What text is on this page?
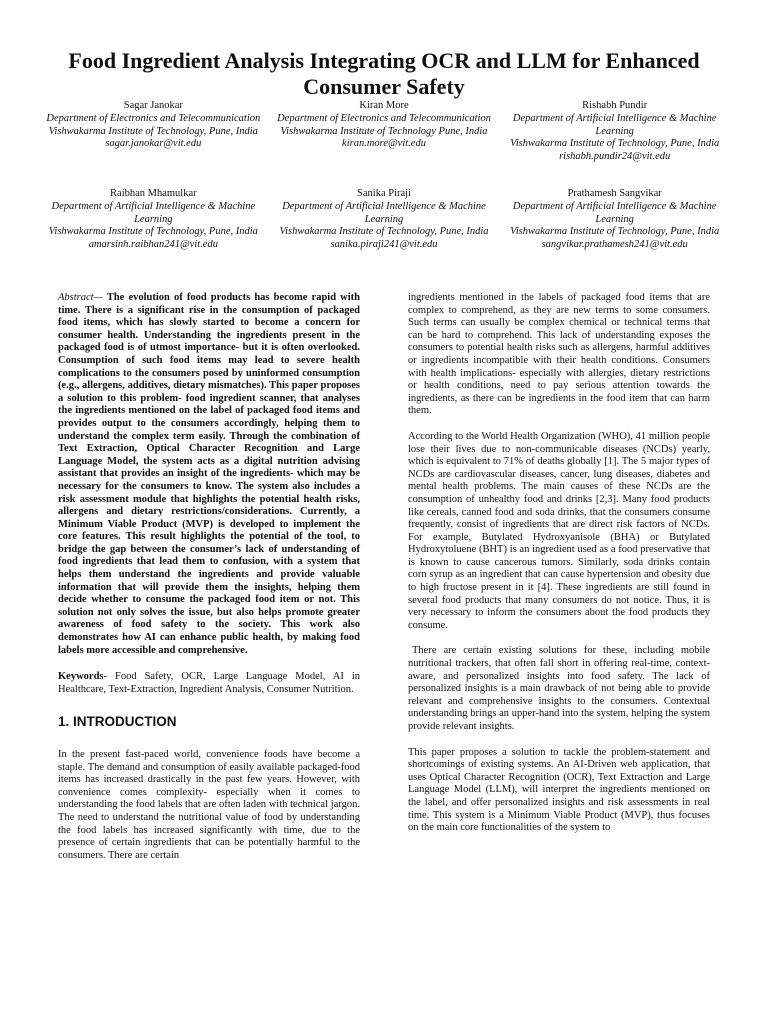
Food Ingredient Analysis Integrating OCR and LLM for Enhanced Consumer Safety
Sagar Janokar
Department of Electronics and Telecommunication
Vishwakarma Institute of Technology, Pune, India
sagar.janokar@vit.edu
Kiran More
Department of Electronics and Telecommunication
Vishwakarma Institute of Technology Pune, India
kiran.more@vit.edu
Rishabh Pundir
Department of Artificial Intelligence & Machine Learning
Vishwakarma Institute of Technology, Pune, India
rishabh.pundir24@vit.edu
Raibhan Mhamulkar
Department of Artificial Intelligence & Machine Learning
Vishwakarma Institute of Technology, Pune, India
amarsinh.raibhan241@vit.edu
Sanika Piraji
Department of Artificial Intelligence & Machine Learning
Vishwakarma Institute of Technology, Pune, India
sanika.piraji241@vit.edu
Prathamesh Sangvikar
Department of Artificial Intelligence & Machine Learning
Vishwakarma Institute of Technology, Pune, India
sangvikar.prathamesh241@vit.edu

Abstract— The evolution of food products has become rapid with time. There is a significant rise in the consumption of packaged food items, which has slowly started to become a concern for consumer health. Understanding the ingredients present in the packaged food is of utmost importance- but it is often overlooked. Consumption of such food items may lead to severe health complications to the consumers posed by uninformed consumption (e.g., allergens, additives, dietary mismatches). This paper proposes a solution to this problem- food ingredient scanner, that analyses the ingredients mentioned on the label of packaged food items and provides output to the consumers accordingly, helping them to understand the complex term easily. Through the combination of Text Extraction, Optical Character Recognition and Large Language Model, the system acts as a digital nutrition advising assistant that provides an insight of the ingredients- which may be necessary for the consumers to know. The system also includes a risk assessment module that highlights the potential health risks, allergens and dietary restrictions/considerations. Currently, a Minimum Viable Product (MVP) is developed to implement the core features. This result highlights the potential of the tool, to bridge the gap between the consumer’s lack of understanding of food ingredients that lead them to confusion, with a system that helps them understand the ingredients and provide valuable information that will provide them the insights, helping them decide whether to consume the packaged food item or not. This solution not only solves the issue, but also helps promote greater awareness of food safety to the society. This work also demonstrates how AI can enhance public health, by making food labels more accessible and comprehensive.

Keywords- Food Safety, OCR, Large Language Model, AI in Healthcare, Text-Extraction, Ingredient Analysis, Consumer Nutrition.

1. INTRODUCTION

In the present fast-paced world, convenience foods have become a staple. The demand and consumption of easily available packaged-food items has increased drastically in the past few years. However, with convenience comes complexity- especially when it comes to understanding the food labels that are often laden with technical jargon. The need to understand the nutritional value of food by understanding the food labels has increased significantly with time, due to the presence of certain ingredients that can be potentially harmful to the consumers. There are certain

ingredients mentioned in the labels of packaged food items that are complex to comprehend, as they are new terms to some consumers. Such terms can usually be complex chemical or technical terms that can be hard to comprehend. This lack of understanding exposes the consumers to potential health risks such as allergens, harmful additives or ingredients incompatible with their health conditions. Consumers with health implications- especially with allergies, dietary restrictions or health conditions, need to pay serious attention towards the ingredients, as there can be ingredients in the food item that can harm them.

According to the World Health Organization (WHO), 41 million people lose their lives due to non-communicable diseases (NCDs) yearly, which is equivalent to 71% of deaths globally [1]. The 5 major types of NCDs are cardiovascular diseases, cancer, lung diseases, diabetes and mental health problems. The main causes of these NCDs are the consumption of unhealthy food and drinks [2,3]. Many food products like cereals, canned food and soda drinks, that the consumers consume frequently, consist of ingredients that are direct risk factors of NCDs. For example, Butylated Hydroxyanisole (BHA) or Butylated Hydroxytoluene (BHT) is an ingredient used as a food preservative that is known to cause cancerous tumors. Similarly, soda drinks contain corn syrup as an ingredient that can cause hypertension and obesity due to high fructose present in it [4]. These ingredients are still found in several food products that many consumers do not notice. Thus, it is very necessary to inform the consumers about the food products they consume.

There are certain existing solutions for these, including mobile nutritional trackers, that often fall short in offering real-time, context-aware, and personalized insights into food safety. The lack of personalized insights is a main drawback of not being able to provide relevant and comprehensive insights to the consumers. Contextual understanding brings an upper-hand into the system, helping the system provide relevant insights.

This paper proposes a solution to tackle the problem-statement and shortcomings of existing systems. An AI-Driven web application, that uses Optical Character Recognition (OCR), Text Extraction and Large Language Model (LLM), will interpret the ingredients mentioned on the label, and offer personalized insights and risk assessments in real time. This system is a Minimum Viable Product (MVP), thus focuses on the main core functionalities of the system to
